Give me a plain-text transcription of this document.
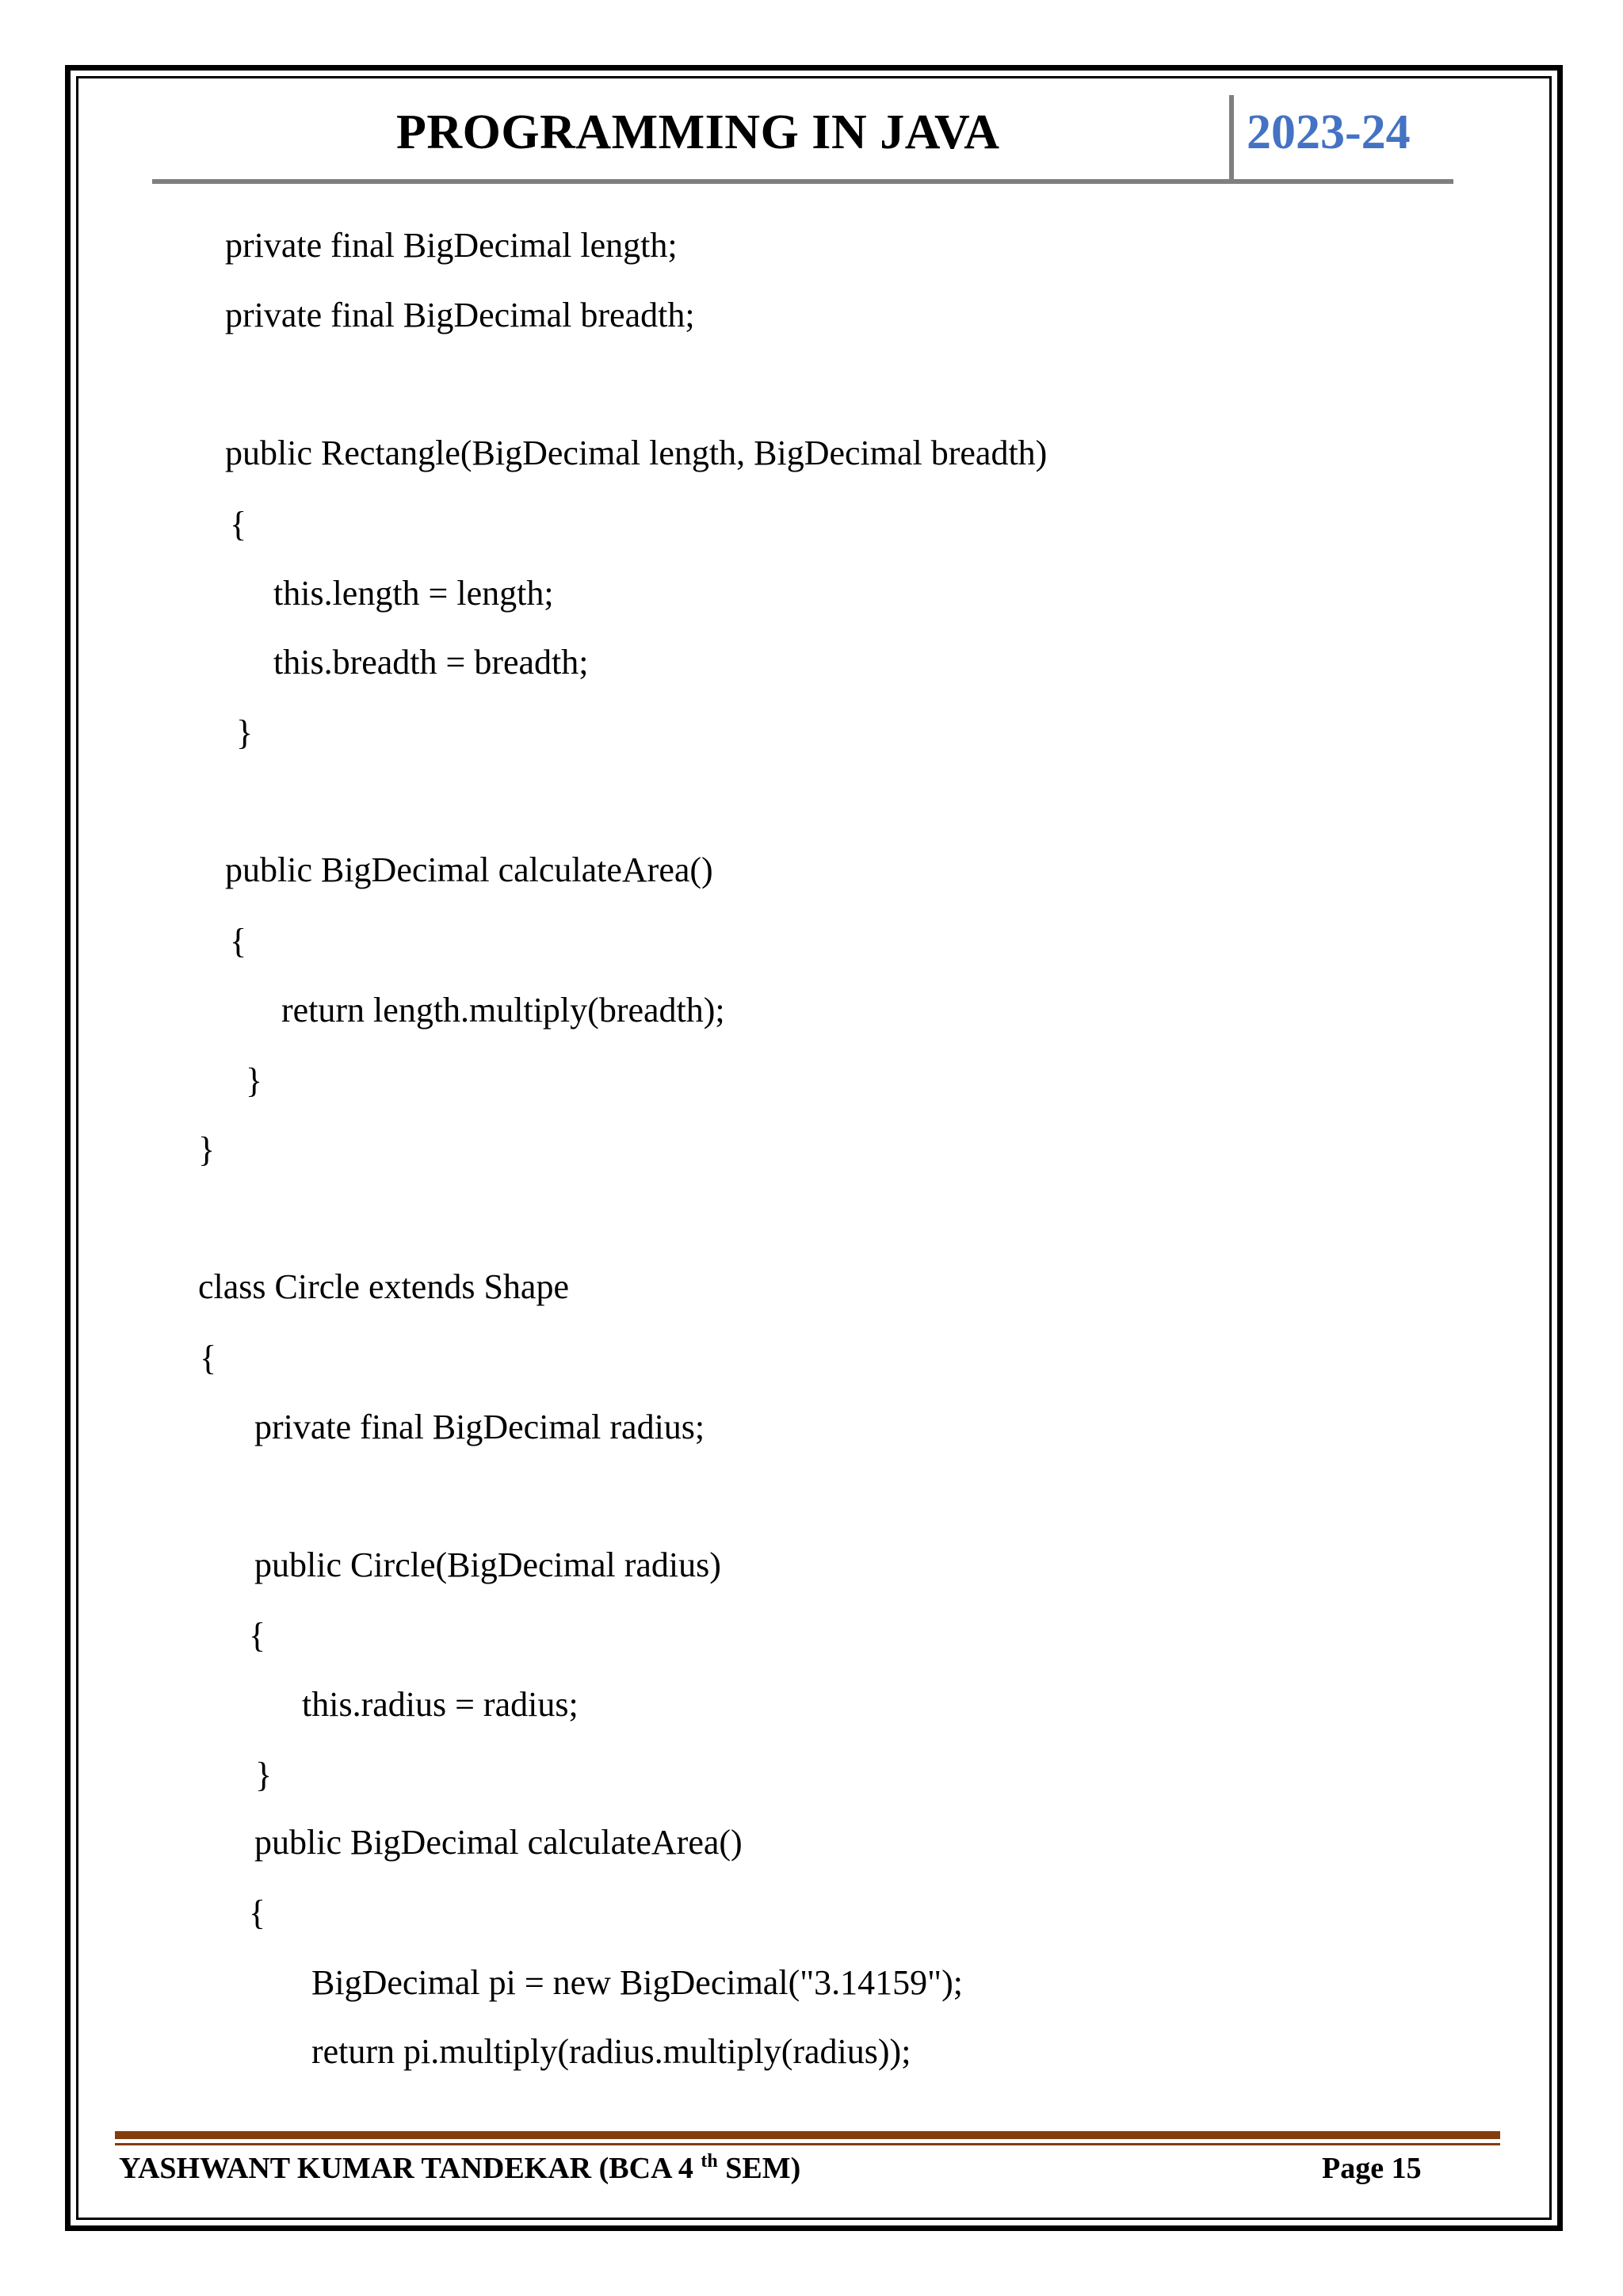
PROGRAMMING IN JAVA	2023-24
private final BigDecimal length;
private final BigDecimal breadth;
public Rectangle(BigDecimal length, BigDecimal breadth)
{
this.length = length;
this.breadth = breadth;
}
public BigDecimal calculateArea()
{
return length.multiply(breadth);
}
}
class Circle extends Shape
{
private final BigDecimal radius;
public Circle(BigDecimal radius)
{
this.radius = radius;
}
public BigDecimal calculateArea()
{
BigDecimal pi = new BigDecimal("3.14159");
return pi.multiply(radius.multiply(radius));
YASHWANT KUMAR TANDEKAR (BCA 4 $^{th}$ SEM)	Page 15
